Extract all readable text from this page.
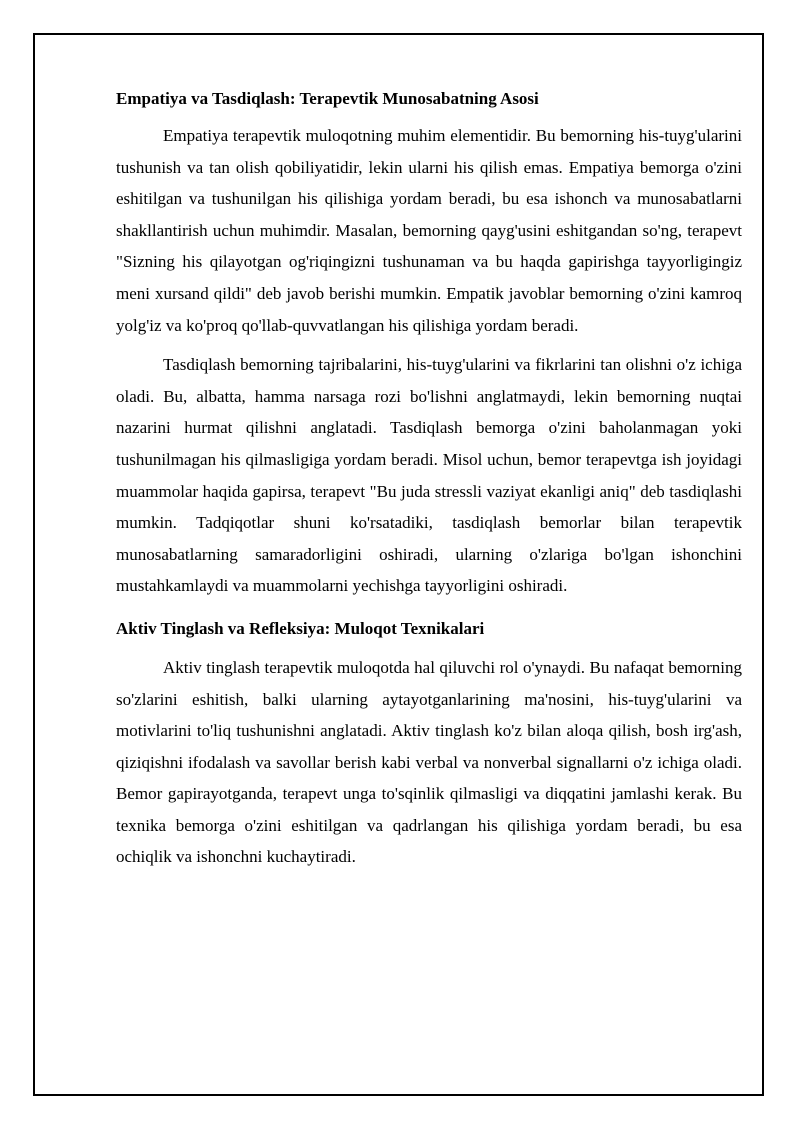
Empatiya va Tasdiqlash: Terapevtik Munosabatning Asosi

Empatiya terapevtik muloqotning muhim elementidir. Bu bemorning his-tuyg'ularini tushunish va tan olish qobiliyatidir, lekin ularni his qilish emas. Empatiya bemorga o'zini eshitilgan va tushunilgan his qilishiga yordam beradi, bu esa ishonch va munosabatlarni shakllantirish uchun muhimdir. Masalan, bemorning qayg'usini eshitgandan so'ng, terapevt "Sizning his qilayotgan og'riqingizni tushunaman va bu haqda gapirishga tayyorligingiz meni xursand qildi" deb javob berishi mumkin. Empatik javoblar bemorning o'zini kamroq yolg'iz va ko'proq qo'llab-quvvatlangan his qilishiga yordam beradi.

Tasdiqlash bemorning tajribalarini, his-tuyg'ularini va fikrlarini tan olishni o'z ichiga oladi. Bu, albatta, hamma narsaga rozi bo'lishni anglatmaydi, lekin bemorning nuqtai nazarini hurmat qilishni anglatadi. Tasdiqlash bemorga o'zini baholanmagan yoki tushunilmagan his qilmasligiga yordam beradi. Misol uchun, bemor terapevtga ish joyidagi muammolar haqida gapirsa, terapevt "Bu juda stressli vaziyat ekanligi aniq" deb tasdiqlashi mumkin. Tadqiqotlar shuni ko'rsatadiki, tasdiqlash bemorlar bilan terapevtik munosabatlarning samaradorligini oshiradi, ularning o'zlariga bo'lgan ishonchini mustahkamlaydi va muammolarni yechishga tayyorligini oshiradi.

Aktiv Tinglash va Refleksiya: Muloqot Texnikalari

Aktiv tinglash terapevtik muloqotda hal qiluvchi rol o'ynaydi. Bu nafaqat bemorning so'zlarini eshitish, balki ularning aytayotganlarining ma'nosini, his-tuyg'ularini va motivlarini to'liq tushunishni anglatadi. Aktiv tinglash ko'z bilan aloqa qilish, bosh irg'ash, qiziqishni ifodalash va savollar berish kabi verbal va nonverbal signallarni o'z ichiga oladi. Bemor gapirayotganda, terapevt unga to'sqinlik qilmasligi va diqqatini jamlashi kerak. Bu texnika bemorga o'zini eshitilgan va qadrlangan his qilishiga yordam beradi, bu esa ochiqlik va ishonchni kuchaytiradi.
